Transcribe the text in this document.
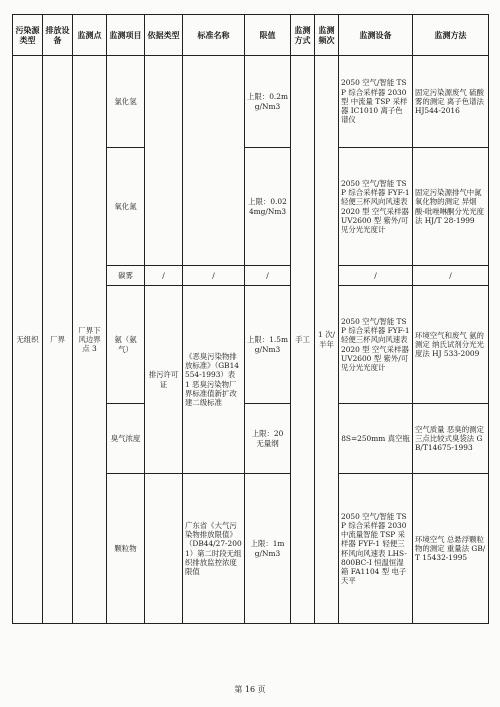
污染源类型	排放设备	监测点	监测项目	依据类型	标准名称	限值	监测方式	监测频次	监测设备	监测方法
无组织	厂界	厂界下风边界点 3	氯化氢			上限：0.2mg/Nm3	手工	1 次/半年	2050 空气/智能 TSP 综合采样器 2030 型 中流量 TSP 采样器 IC1010 离子色谱仪	固定污染源废气 硫酸雾的测定 离子色谱法 HJ544-2016
			氧化氮			上限：0.024mg/Nm3			2050 空气/智能 TSP 综合采样器 FYF-1 轻便三杯风向风速表 2020 型 空气采样器 UV2600 型 紫外/可见分光光度计	固定污染源排气中氮氧化物的测定 异烟酸-吡唑啉酮分光光度法 HJ/T 28-1999
			碳雾	/	/	/			/	/
			氨（氨气）	排污许可证	《恶臭污染物排放标准》（GB14554-1993）表 1 恶臭污染物厂界标准值新扩改建二级标准	上限：1.5mg/Nm3			2050 空气/智能 TSP 综合采样器 FYF-1 轻便三杯风向风速表 2020 型 空气采样器 UV2600 型 紫外/可见分光光度计	环境空气和废气 氨的测定 纳氏试剂分光光度法 HJ 533-2009
			臭气浓度			上限：20 无量纲			8S=250mm 真空瓶	空气质量 恶臭的测定 三点比较式臭袋法 GB/T14675-1993
			颗粒物		广东省《大气污染物排放限值》（DB44/27-2001）第二时段无组织排放监控浓度限值	上限：1mg/Nm3			2050 空气/智能 TSP 综合采样器 2030 中流量智能 TSP 采样器 FYF-1 轻便三杯风向风速表 LHS-800BC-I 恒温恒湿箱 FA1104 型 电子天平	环境空气 总悬浮颗粒物的测定 重量法 GB/T 15432-1995
第 16 页
